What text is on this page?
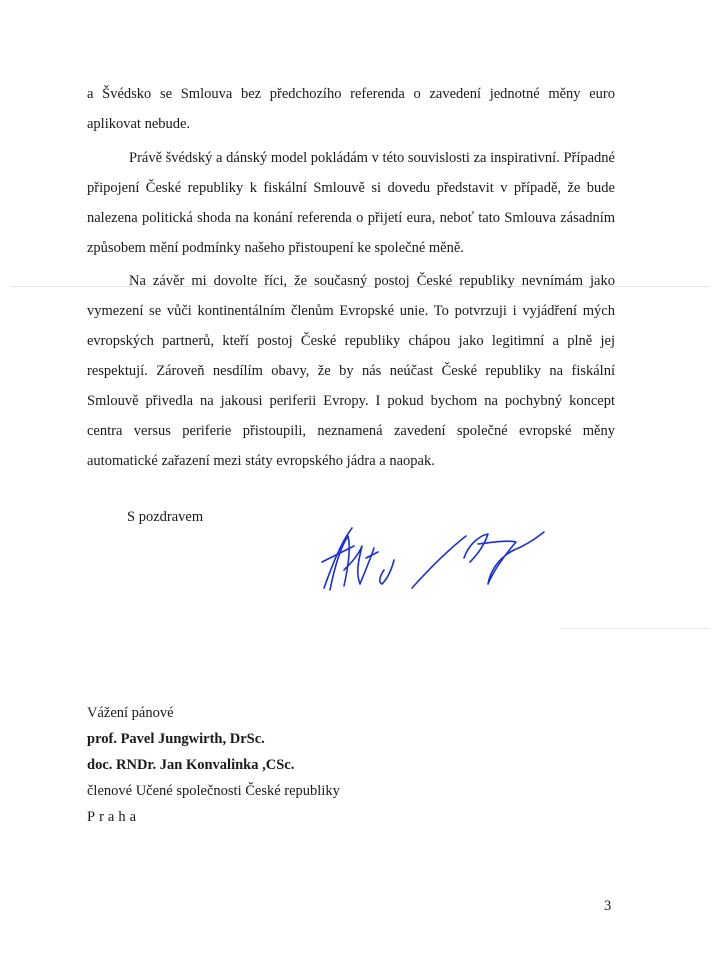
a Švédsko se Smlouva bez předchozího referenda o zavedení jednotné měny euro aplikovat nebude.

Právě švédský a dánský model pokládám v této souvislosti za inspirativní. Případné připojení České republiky k fiskální Smlouvě si dovedu představit v případě, že bude nalezena politická shoda na konání referenda o přijetí eura, neboť tato Smlouva zásadním způsobem mění podmínky našeho přistoupení ke společné měně.

Na závěr mi dovolte říci, že současný postoj České republiky nevnímám jako vymezení se vůči kontinentálním členům Evropské unie. To potvrzuji i vyjádření mých evropských partnerů, kteří postoj České republiky chápou jako legitimní a plně jej respektují. Zároveň nesdílím obavy, že by nás neúčast České republiky na fiskální Smlouvě přivedla na jakousi periferii Evropy. I pokud bychom na pochybný koncept centra versus periferie přistoupili, neznamená zavedení společné evropské měny automatické zařazení mezi státy evropského jádra a naopak.

S pozdravem

Vážení pánové
prof. Pavel Jungwirth, DrSc.
doc. RNDr. Jan Konvalinka ,CSc.
členové Učené společnosti České republiky
Praha
3
